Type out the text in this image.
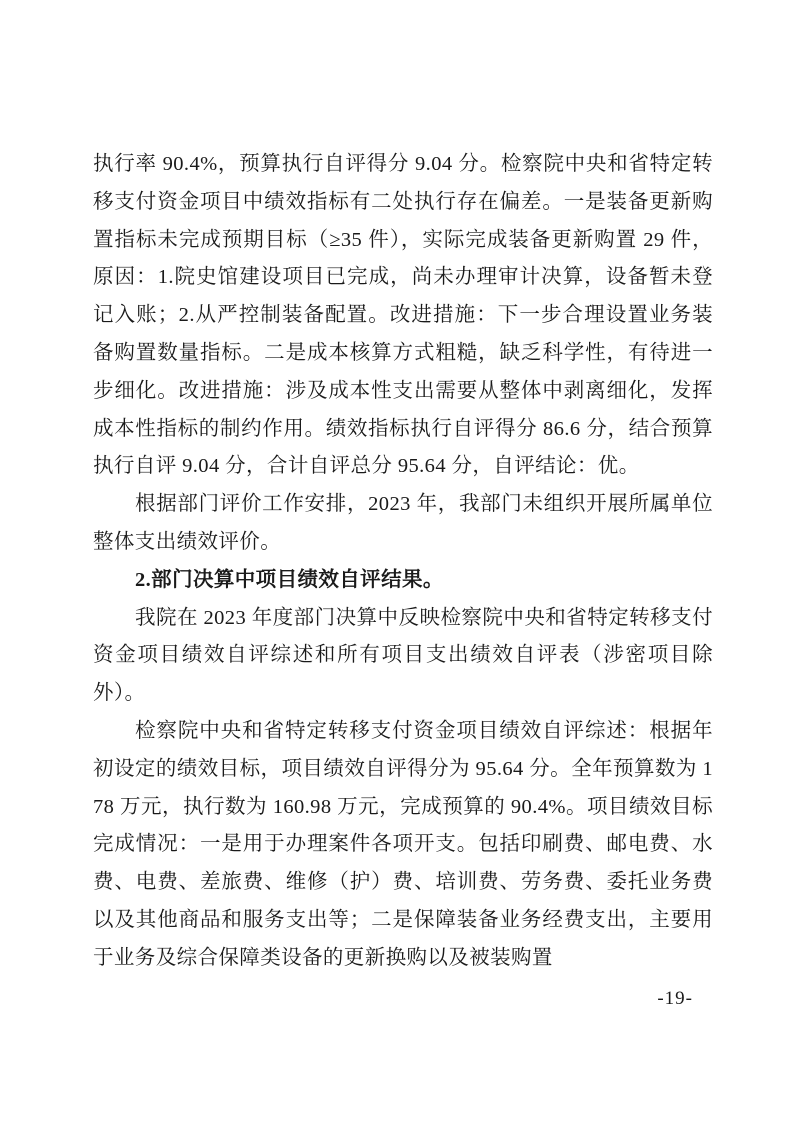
执行率 90.4%，预算执行自评得分 9.04 分。检察院中央和省特定转移支付资金项目中绩效指标有二处执行存在偏差。一是装备更新购置指标未完成预期目标（≥35 件），实际完成装备更新购置 29 件，原因：1.院史馆建设项目已完成，尚未办理审计决算，设备暂未登记入账；2.从严控制装备配置。改进措施：下一步合理设置业务装备购置数量指标。二是成本核算方式粗糙，缺乏科学性，有待进一步细化。改进措施：涉及成本性支出需要从整体中剥离细化，发挥成本性指标的制约作用。绩效指标执行自评得分 86.6 分，结合预算执行自评 9.04 分，合计自评总分 95.64 分，自评结论：优。

根据部门评价工作安排，2023 年，我部门未组织开展所属单位整体支出绩效评价。

2.部门决算中项目绩效自评结果。

我院在 2023 年度部门决算中反映检察院中央和省特定转移支付资金项目绩效自评综述和所有项目支出绩效自评表（涉密项目除外）。

检察院中央和省特定转移支付资金项目绩效自评综述：根据年初设定的绩效目标，项目绩效自评得分为 95.64 分。全年预算数为 178 万元，执行数为 160.98 万元，完成预算的 90.4%。项目绩效目标完成情况：一是用于办理案件各项开支。包括印刷费、邮电费、水费、电费、差旅费、维修（护）费、培训费、劳务费、委托业务费以及其他商品和服务支出等；二是保障装备业务经费支出，主要用于业务及综合保障类设备的更新换购以及被装购置

-19-
